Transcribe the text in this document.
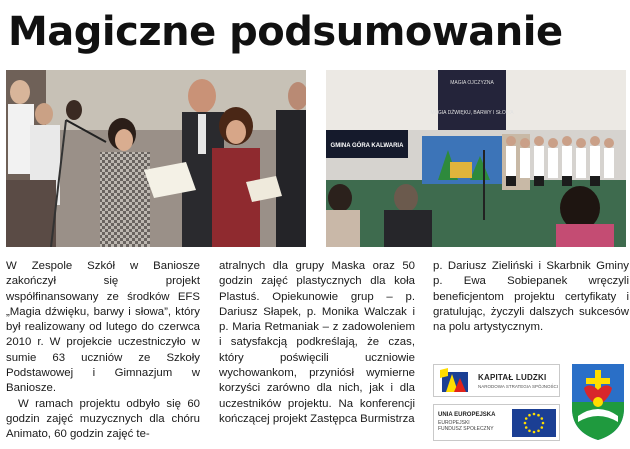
Magiczne podsumowanie
MAGIA OJCZYZNA
MAGIA DŹWIĘKU, BARWY I SŁOWA
GMINA GÓRA KALWARIA

W Zespole Szkół w Baniosze zakończył się projekt współfinansowany ze środków EFS „Magia dźwięku, barwy i słowa”, który był realizowany od lutego do czerwca 2010 r. W projekcie uczestniczyło w sumie 63 uczniów ze Szkoły Podstawowej i Gimnazjum w Baniosze.

W ramach projektu odbyło się 60 godzin zajęć muzycznych dla chóru Animato, 60 godzin zajęć te-

atralnych dla grupy Maska oraz 50 godzin zajęć plastycznych dla koła Plastuś. Opiekunowie grup – p. Dariusz Słapek, p. Monika Walczak i p. Maria Retmaniak – z zadowoleniem i satysfakcją podkreślają, że czas, który poświęcili uczniowie wychowankom, przyniósł wymierne korzyści zarówno dla nich, jak i dla uczestników projektu. Na konferencji kończącej projekt Zastępca Burmistrza

p. Dariusz Zieliński i Skarbnik Gminy p. Ewa Sobiepanek wręczyli beneficjentom projektu certyfikaty i gratulując, życzyli dalszych sukcesów na polu artystycznym.

KAPITAŁ LUDZKI
NARODOWA STRATEGIA SPÓJNOŚCI
UNIA EUROPEJSKA
EUROPEJSKI
FUNDUSZ SPOŁECZNY
